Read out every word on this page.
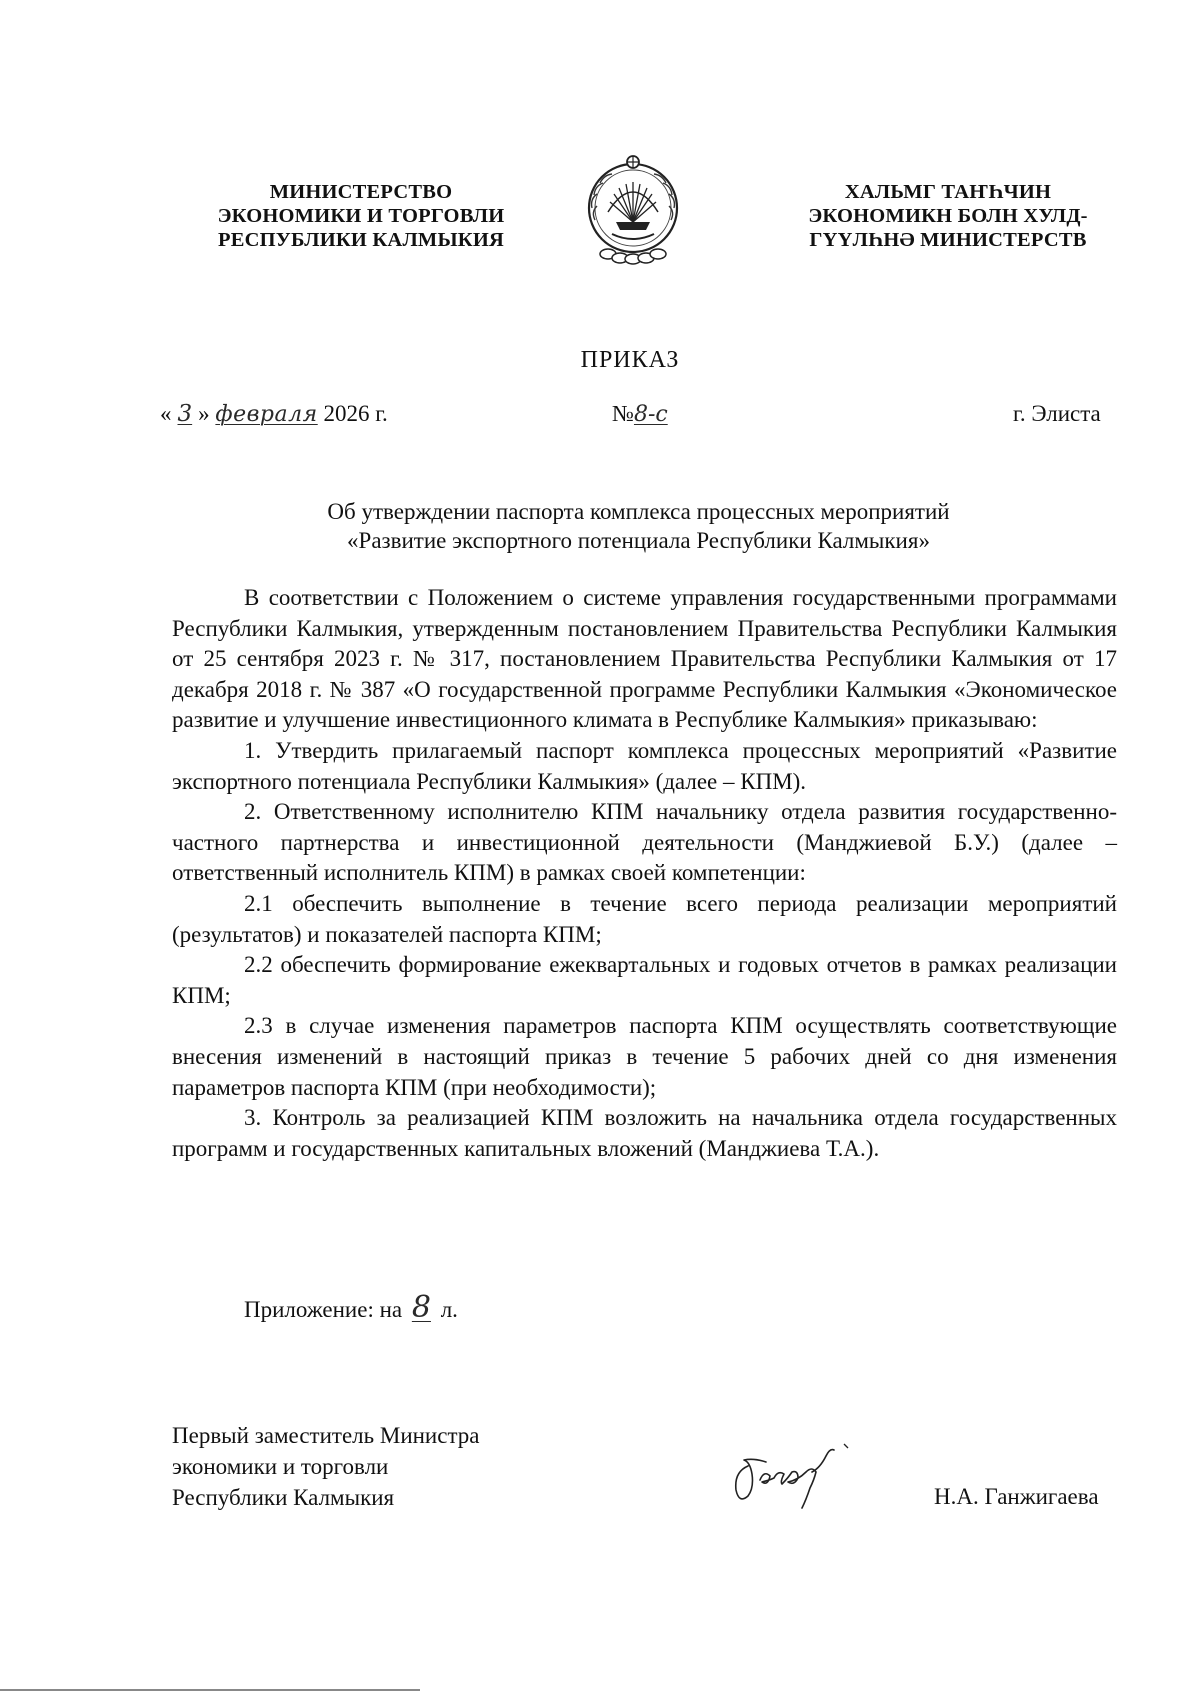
МИНИСТЕРСТВО
ЭКОНОМИКИ И ТОРГОВЛИ
РЕСПУБЛИКИ КАЛМЫКИЯ
ХАЛЬМГ ТАҤҺЧИН
ЭКОНОМИКН БОЛН ХУЛД-
ГҮҮЛҺНӘ МИНИСТЕРСТВ
ПРИКАЗ
« 3 » февраля 2026 г.	№8-с	г. Элиста
Об утверждении паспорта комплекса процессных мероприятий
«Развитие экспортного потенциала Республики Калмыкия»

В соответствии с Положением о системе управления государственными программами Республики Калмыкия, утвержденным постановлением Правительства Республики Калмыкия от 25 сентября 2023 г. № 317, постановлением Правительства Республики Калмыкия от 17 декабря 2018 г. № 387 «О государственной программе Республики Калмыкия «Экономическое развитие и улучшение инвестиционного климата в Республике Калмыкия» приказываю:

1. Утвердить прилагаемый паспорт комплекса процессных мероприятий «Развитие экспортного потенциала Республики Калмыкия» (далее – КПМ).

2. Ответственному исполнителю КПМ начальнику отдела развития государственно-частного партнерства и инвестиционной деятельности (Манджиевой Б.У.) (далее – ответственный исполнитель КПМ) в рамках своей компетенции:

2.1 обеспечить выполнение в течение всего периода реализации мероприятий (результатов) и показателей паспорта КПМ;

2.2 обеспечить формирование ежеквартальных и годовых отчетов в рамках реализации КПМ;

2.3 в случае изменения параметров паспорта КПМ осуществлять соответствующие внесения изменений в настоящий приказ в течение 5 рабочих дней со дня изменения параметров паспорта КПМ (при необходимости);

3. Контроль за реализацией КПМ возложить на начальника отдела государственных программ и государственных капитальных вложений (Манджиева Т.А.).

Приложение: на 8 л.
Первый заместитель Министра
экономики и торговли
Республики Калмыкия	Н.А. Ганжигаева
